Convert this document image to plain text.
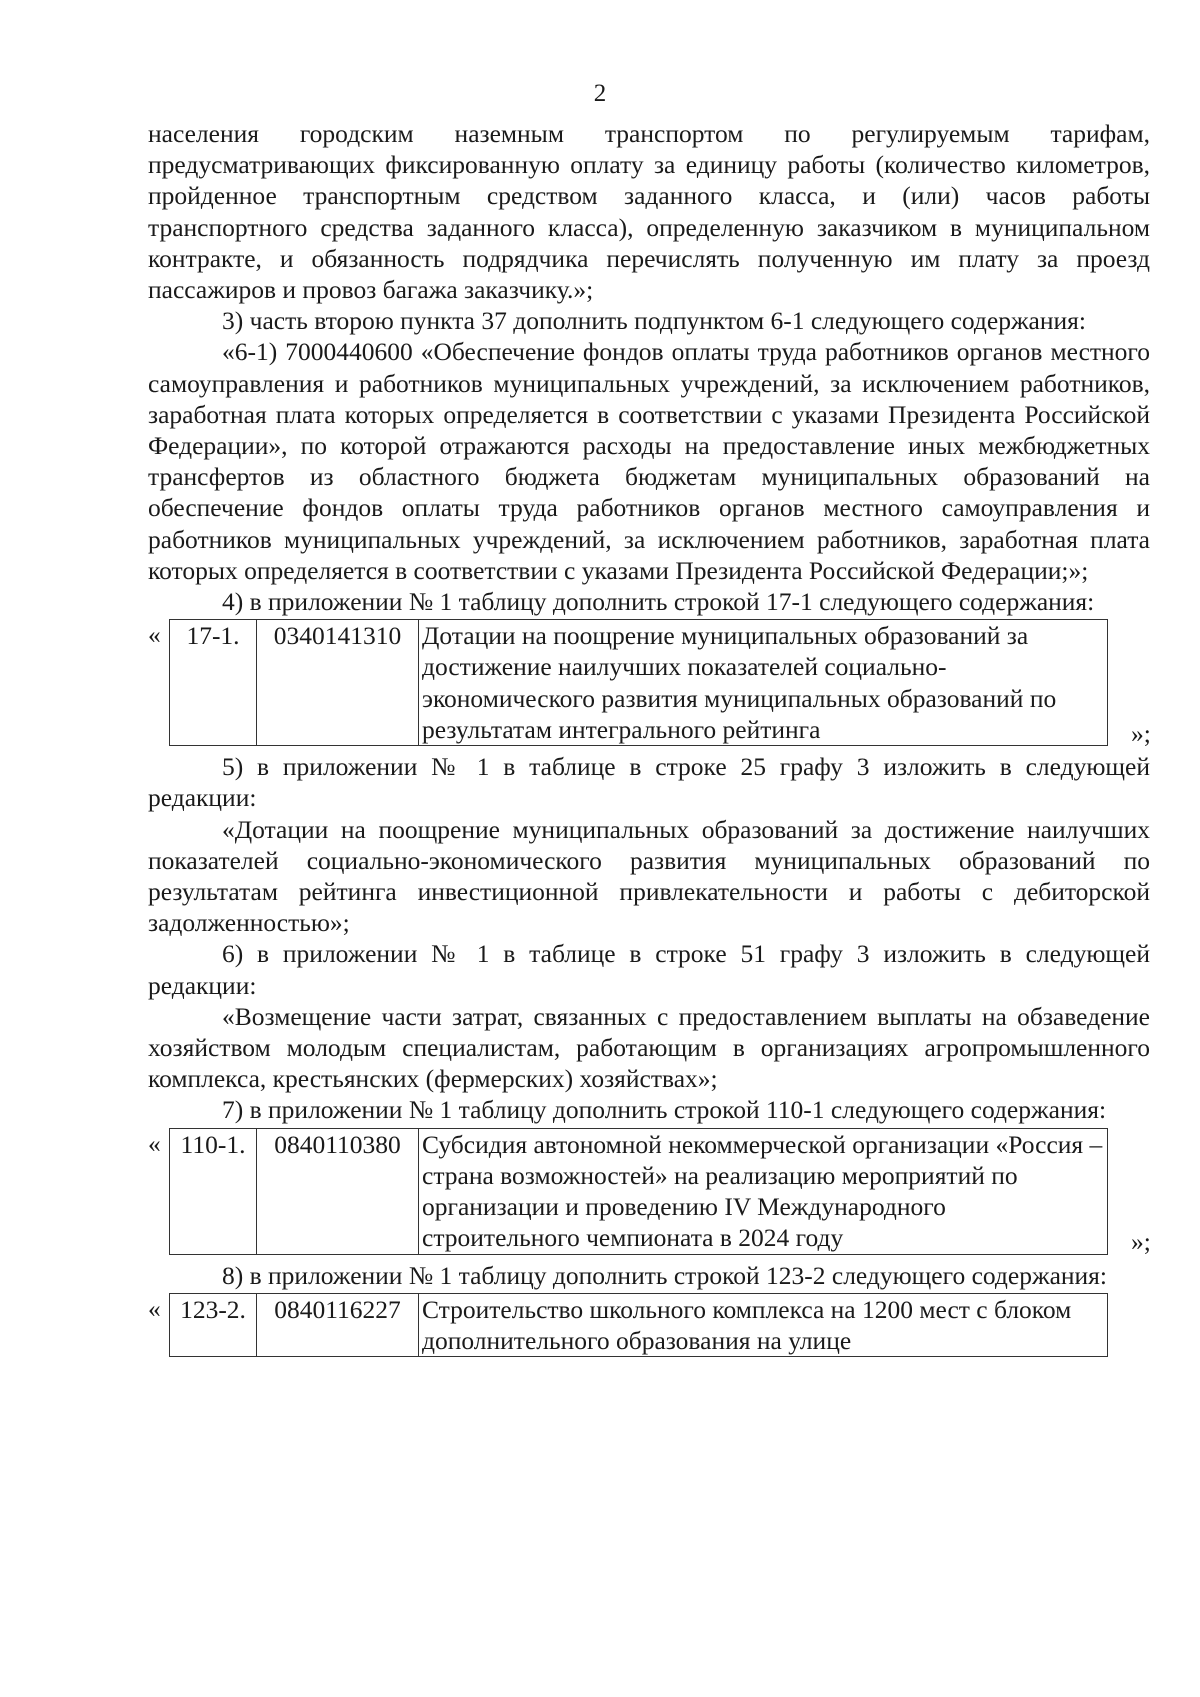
2

населения городским наземным транспортом по регулируемым тарифам, предусматривающих фиксированную оплату за единицу работы (количество километров, пройденное транспортным средством заданного класса, и (или) часов работы транспортного средства заданного класса), определенную заказчиком в муниципальном контракте, и обязанность подрядчика перечислять полученную им плату за проезд пассажиров и провоз багажа заказчику.»;

3) часть второю пункта 37 дополнить подпунктом 6-1 следующего содержания:

«6-1) 7000440600 «Обеспечение фондов оплаты труда работников органов местного самоуправления и работников муниципальных учреждений, за исключением работников, заработная плата которых определяется в соответствии с указами Президента Российской Федерации», по которой отражаются расходы на предоставление иных межбюджетных трансфертов из областного бюджета бюджетам муниципальных образований на обеспечение фондов оплаты труда работников органов местного самоуправления и работников муниципальных учреждений, за исключением работников, заработная плата которых определяется в соответствии с указами Президента Российской Федерации;»;

4) в приложении № 1 таблицу дополнить строкой 17-1 следующего содержания:

« 17-1.	0340141310	Дотации на поощрение муниципальных образований за достижение наилучших показателей социально-экономического развития муниципальных образований по результатам интегрального рейтинга	»;

5) в приложении № 1 в таблице в строке 25 графу 3 изложить в следующей редакции:

«Дотации на поощрение муниципальных образований за достижение наилучших показателей социально-экономического развития муниципальных образований по результатам рейтинга инвестиционной привлекательности и работы с дебиторской задолженностью»;

6) в приложении № 1 в таблице в строке 51 графу 3 изложить в следующей редакции:

«Возмещение части затрат, связанных с предоставлением выплаты на обзаведение хозяйством молодым специалистам, работающим в организациях агропромышленного комплекса, крестьянских (фермерских) хозяйствах»;

7) в приложении № 1 таблицу дополнить строкой 110-1 следующего содержания:

« 110-1.	0840110380	Субсидия автономной некоммерческой организации «Россия – страна возможностей» на реализацию мероприятий по организации и проведению IV Международного строительного чемпионата в 2024 году	»;

8) в приложении № 1 таблицу дополнить строкой 123-2 следующего содержания:

« 123-2.	0840116227	Строительство школьного комплекса на 1200 мест с блоком дополнительного образования на улице
